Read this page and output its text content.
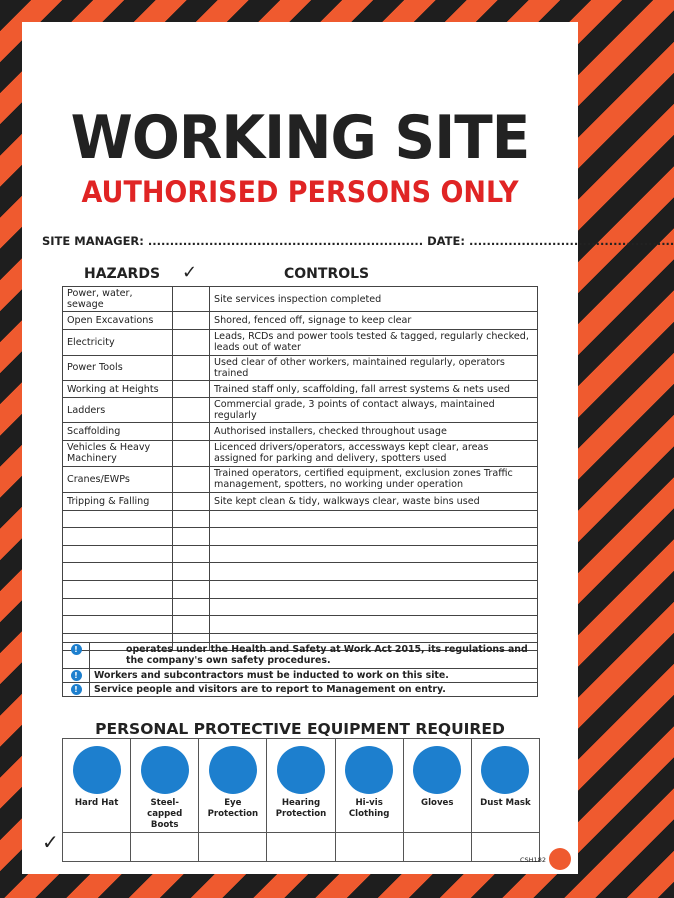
WORKING SITE
AUTHORISED PERSONS ONLY
SITE MANAGER: ............................................................... DATE: ...............................................
HAZARDS ✓	CONTROLS
Power, water, sewage		Site services inspection completed
Open Excavations		Shored, fenced off, signage to keep clear
Electricity		Leads, RCDs and power tools tested & tagged, regularly checked, leads out of water
Power Tools		Used clear of other workers, maintained regularly, operators trained
Working at Heights		Trained staff only, scaffolding, fall arrest systems & nets used
Ladders		Commercial grade, 3 points of contact always, maintained regularly
Scaffolding		Authorised installers, checked throughout usage
Vehicles & Heavy Machinery		Licenced drivers/operators, accessways kept clear, areas assigned for parking and delivery, spotters used
Cranes/EWPs		Trained operators, certified equipment, exclusion zones Traffic management, spotters, no working under operation
Tripping & Falling		Site kept clean & tidy, walkways clear, waste bins used

!	operates under the Health and Safety at Work Act 2015, its regulations and the company's own safety procedures.
!	Workers and subcontractors must be inducted to work on this site.
!	Service people and visitors are to report to Management on entry.
PERSONAL PROTECTIVE EQUIPMENT REQUIRED
Hard Hat	Steel-capped Boots	Eye Protection	Hearing Protection	Hi-vis Clothing	Gloves	Dust Mask

✓
CSH182
